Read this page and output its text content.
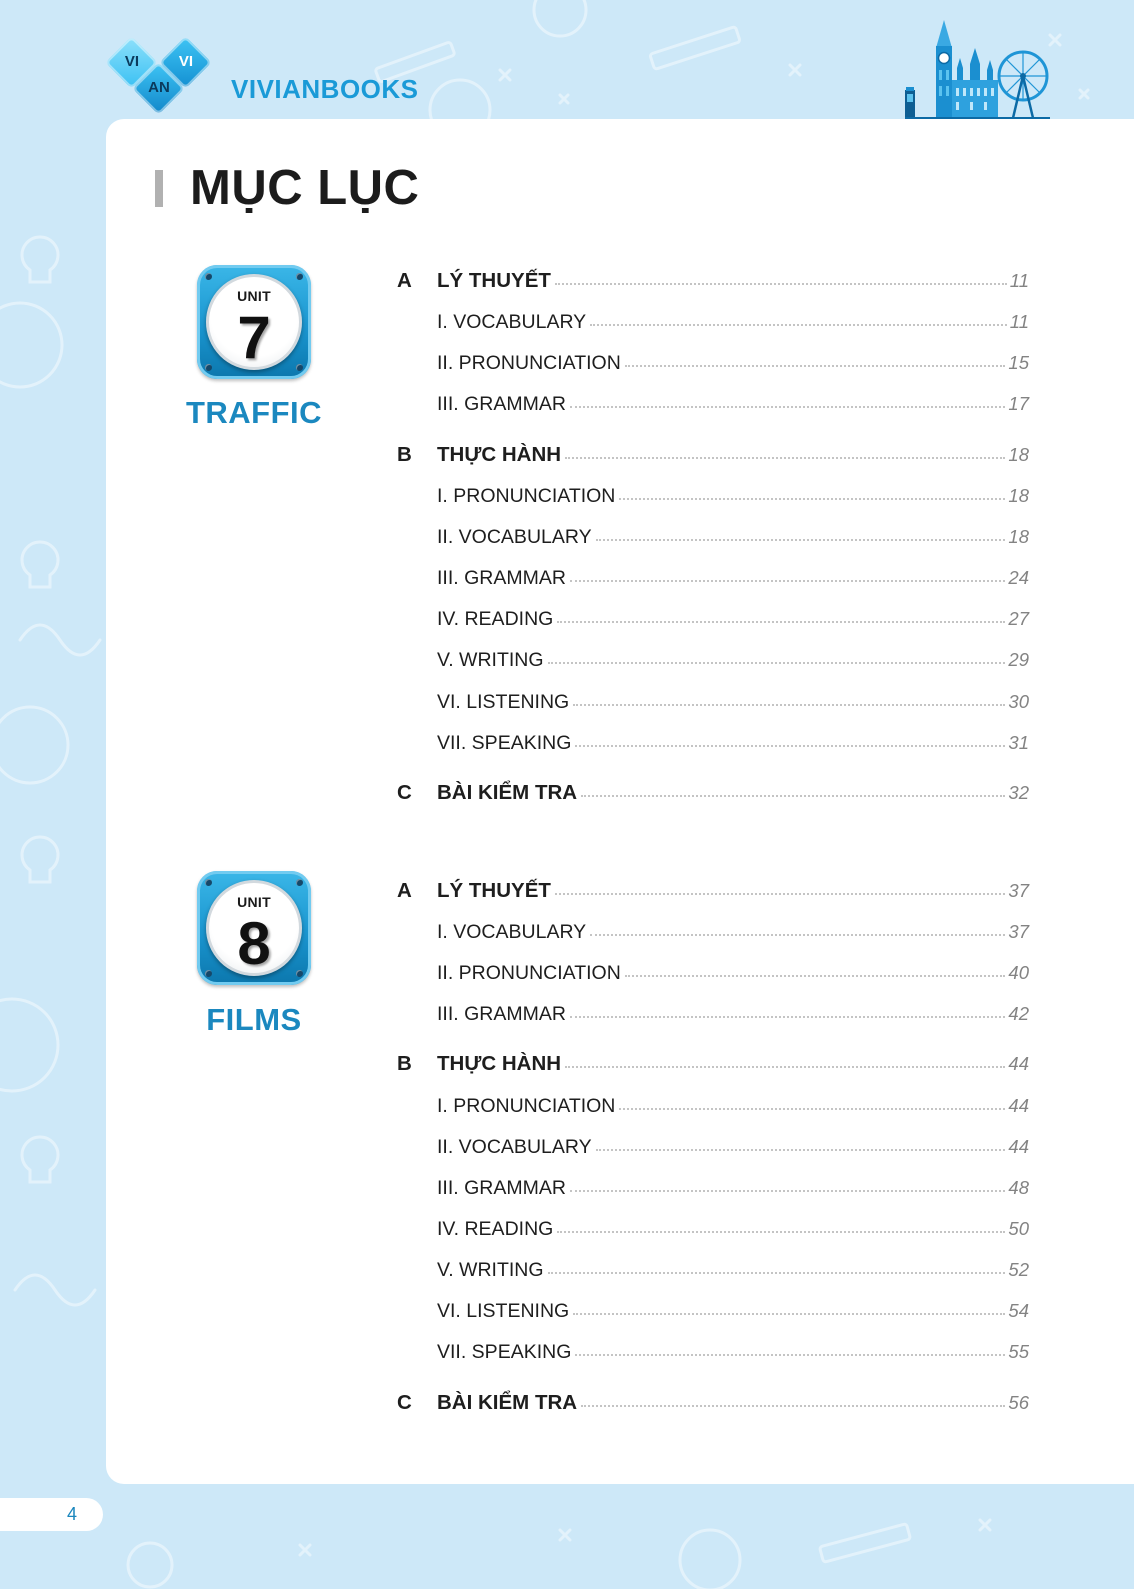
VI	VI
AN	VIVIANBOOKS
MỤC LỤC
UNIT
7
TRAFFIC
A	LÝ THUYẾT	11
I. VOCABULARY	11
II. PRONUNCIATION	15
III. GRAMMAR	17
B	THỰC HÀNH	18
I. PRONUNCIATION	18
II. VOCABULARY	18
III. GRAMMAR	24
IV. READING	27
V. WRITING	29
VI. LISTENING	30
VII. SPEAKING	31
C	BÀI KIỂM TRA	32
UNIT
8
FILMS
A	LÝ THUYẾT	37
I. VOCABULARY	37
II. PRONUNCIATION	40
III. GRAMMAR	42
B	THỰC HÀNH	44
I. PRONUNCIATION	44
II. VOCABULARY	44
III. GRAMMAR	48
IV. READING	50
V. WRITING	52
VI. LISTENING	54
VII. SPEAKING	55
C	BÀI KIỂM TRA	56
4
